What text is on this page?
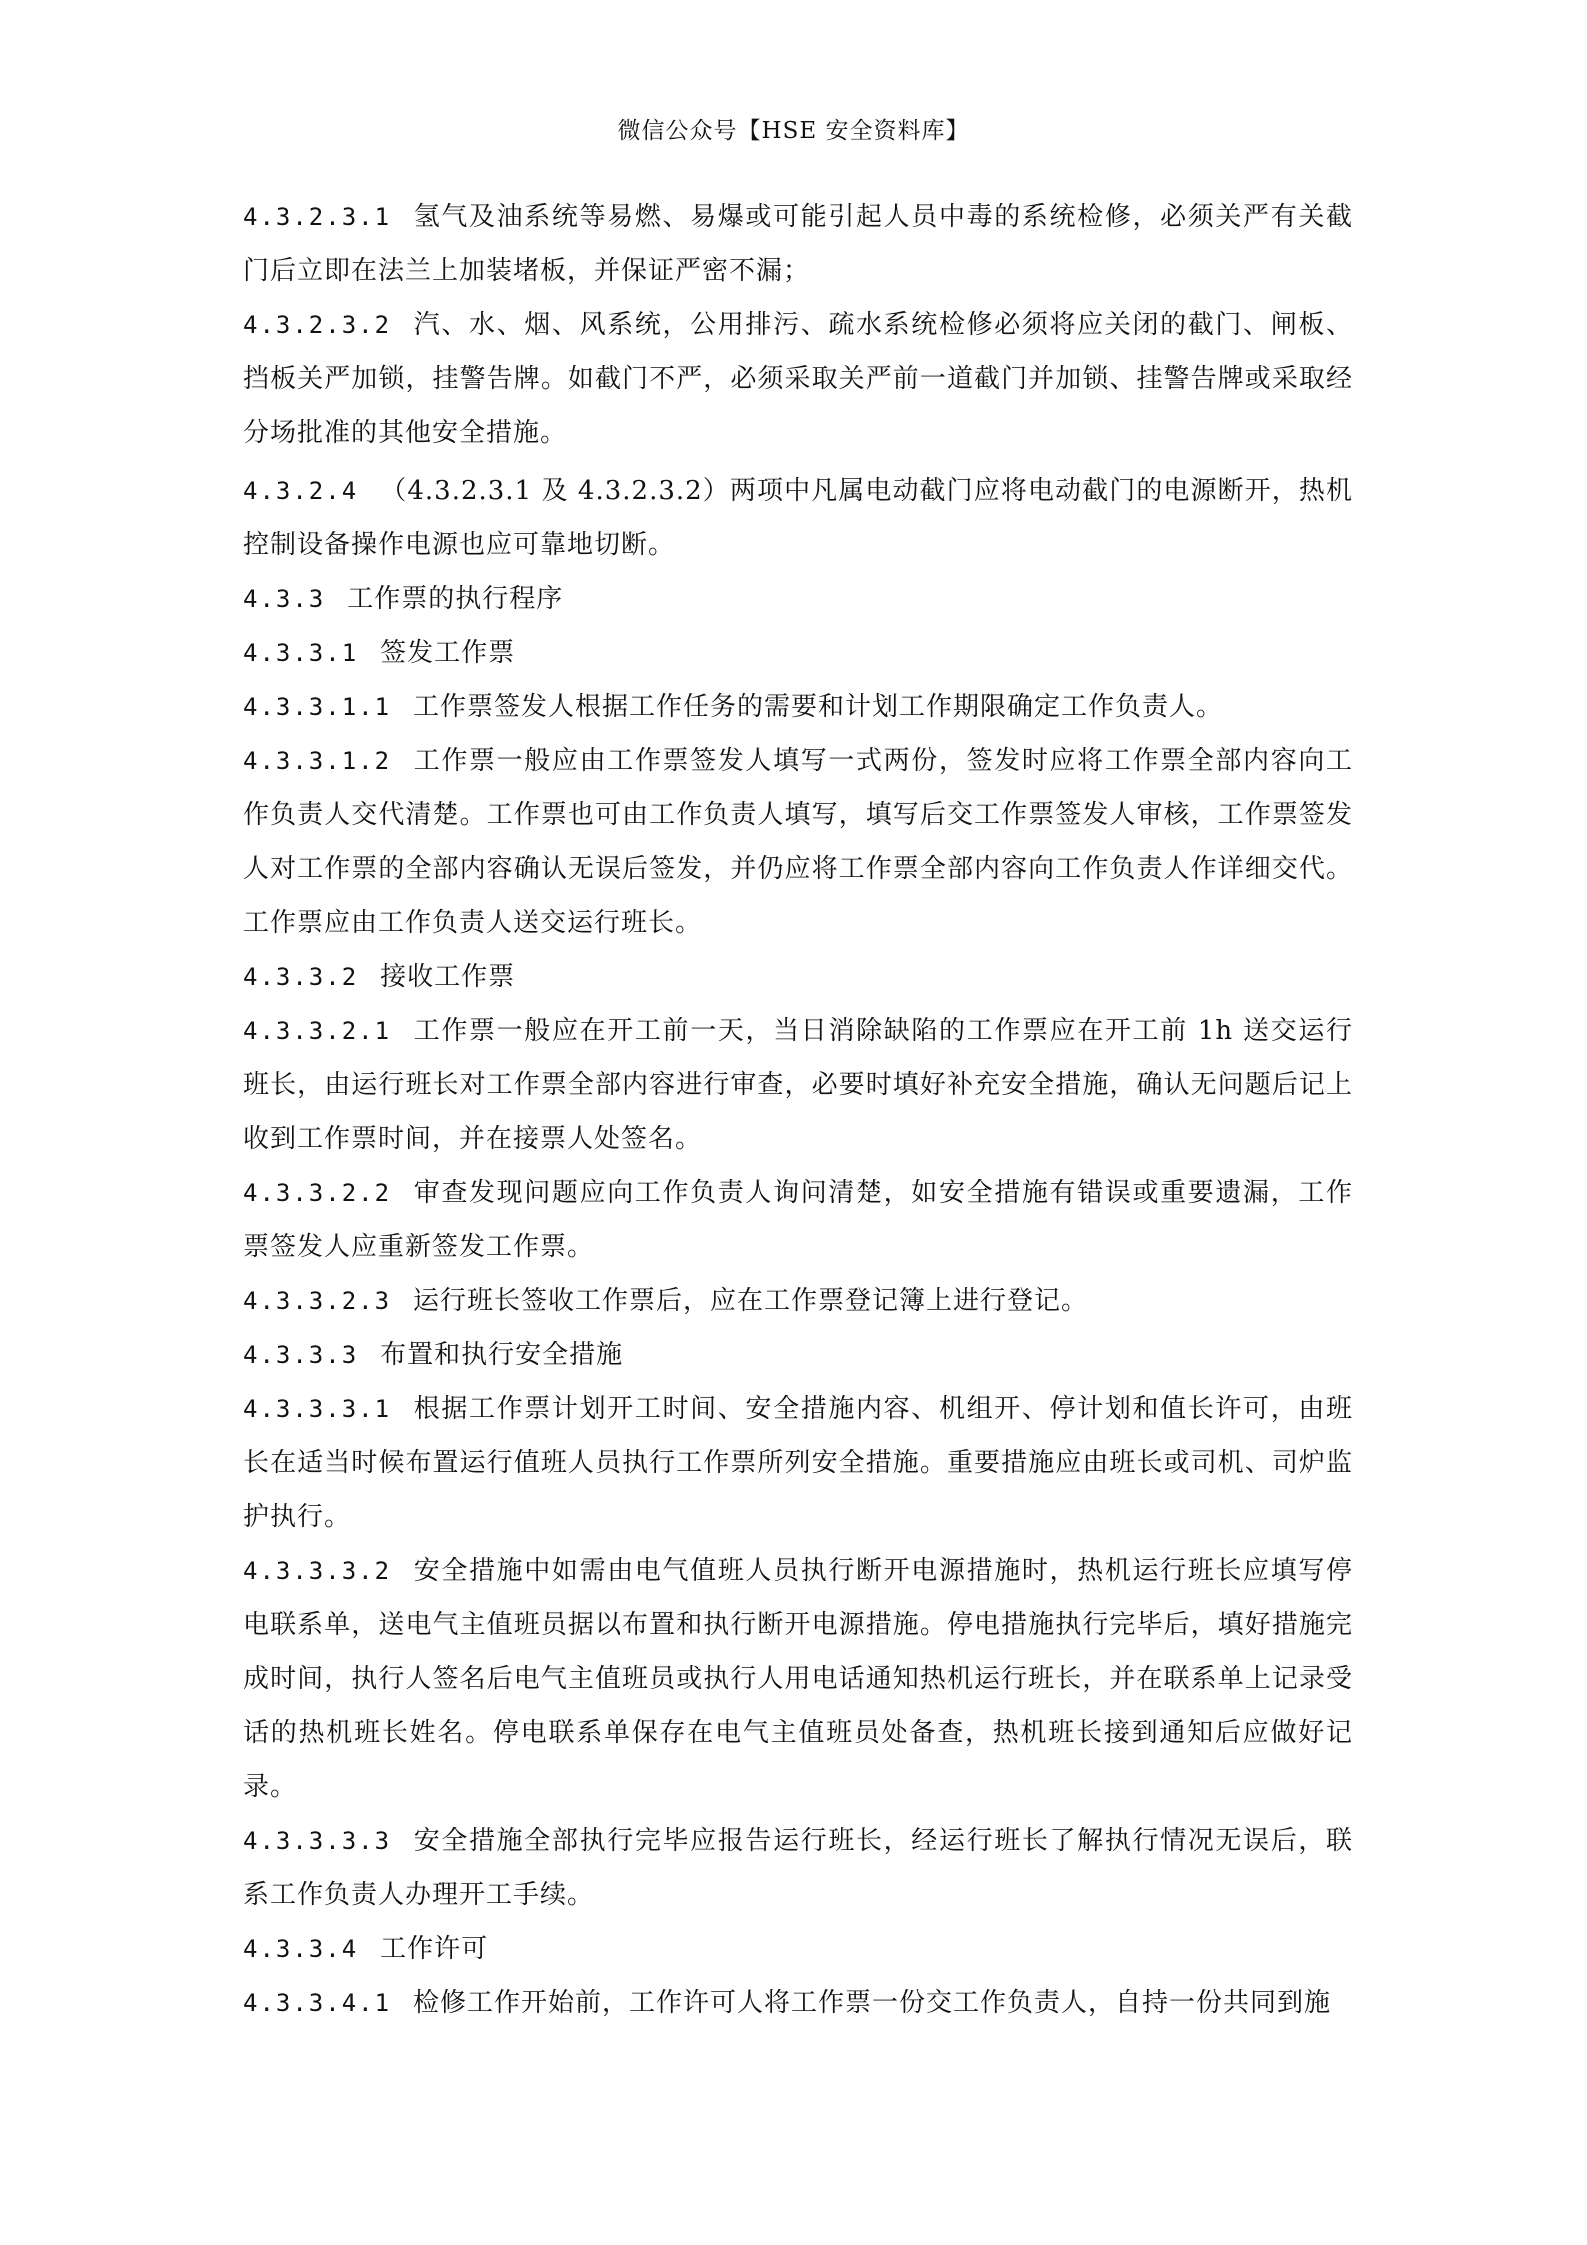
微信公众号【HSE 安全资料库】

4.3.2.3.1 氢气及油系统等易燃、易爆或可能引起人员中毒的系统检修，必须关严有关截门后立即在法兰上加装堵板，并保证严密不漏；

4.3.2.3.2 汽、水、烟、风系统，公用排污、疏水系统检修必须将应关闭的截门、闸板、挡板关严加锁，挂警告牌。如截门不严，必须采取关严前一道截门并加锁、挂警告牌或采取经分场批准的其他安全措施。

4.3.2.4 （4.3.2.3.1 及 4.3.2.3.2）两项中凡属电动截门应将电动截门的电源断开，热机控制设备操作电源也应可靠地切断。

4.3.3 工作票的执行程序

4.3.3.1 签发工作票

4.3.3.1.1 工作票签发人根据工作任务的需要和计划工作期限确定工作负责人。

4.3.3.1.2 工作票一般应由工作票签发人填写一式两份，签发时应将工作票全部内容向工作负责人交代清楚。工作票也可由工作负责人填写，填写后交工作票签发人审核，工作票签发人对工作票的全部内容确认无误后签发，并仍应将工作票全部内容向工作负责人作详细交代。工作票应由工作负责人送交运行班长。

4.3.3.2 接收工作票

4.3.3.2.1 工作票一般应在开工前一天，当日消除缺陷的工作票应在开工前 1h 送交运行班长，由运行班长对工作票全部内容进行审查，必要时填好补充安全措施，确认无问题后记上收到工作票时间，并在接票人处签名。

4.3.3.2.2 审查发现问题应向工作负责人询问清楚，如安全措施有错误或重要遗漏，工作票签发人应重新签发工作票。

4.3.3.2.3 运行班长签收工作票后，应在工作票登记簿上进行登记。

4.3.3.3 布置和执行安全措施

4.3.3.3.1 根据工作票计划开工时间、安全措施内容、机组开、停计划和值长许可，由班长在适当时候布置运行值班人员执行工作票所列安全措施。重要措施应由班长或司机、司炉监护执行。

4.3.3.3.2 安全措施中如需由电气值班人员执行断开电源措施时，热机运行班长应填写停电联系单，送电气主值班员据以布置和执行断开电源措施。停电措施执行完毕后，填好措施完成时间，执行人签名后电气主值班员或执行人用电话通知热机运行班长，并在联系单上记录受话的热机班长姓名。停电联系单保存在电气主值班员处备查，热机班长接到通知后应做好记录。

4.3.3.3.3 安全措施全部执行完毕应报告运行班长，经运行班长了解执行情况无误后，联系工作负责人办理开工手续。

4.3.3.4 工作许可

4.3.3.4.1 检修工作开始前，工作许可人将工作票一份交工作负责人，自持一份共同到施
